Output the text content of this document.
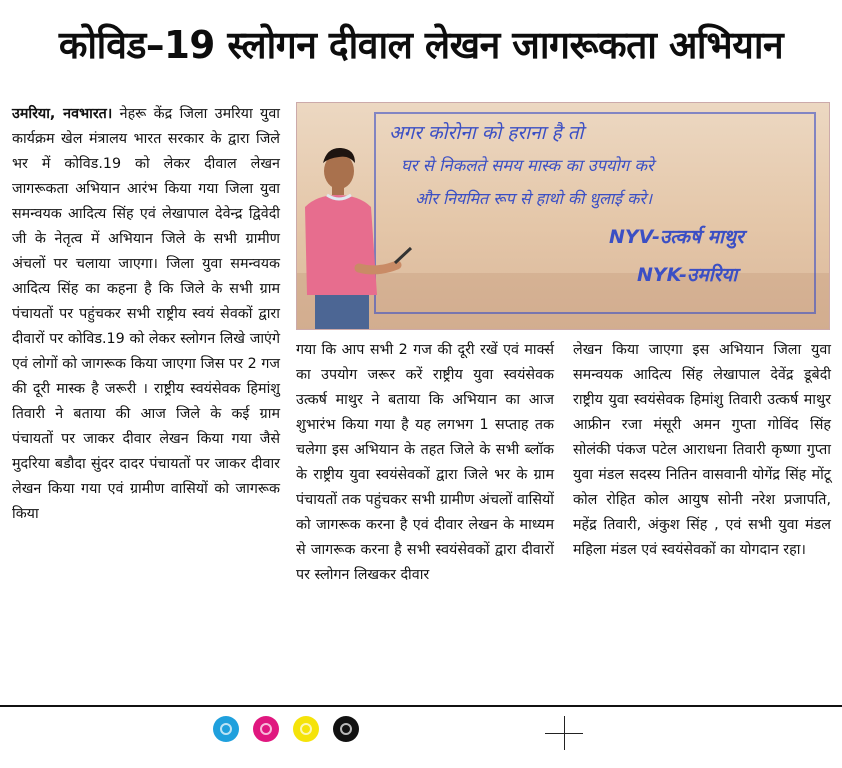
कोविड–19 स्लोगन दीवाल लेखन जागरूकता अभियान

उमरिया, नवभारत। नेहरू केंद्र जिला उमरिया युवा कार्यक्रम खेल मंत्रालय भारत सरकार के द्वारा जिले भर में कोविड.19 को लेकर दीवाल लेखन जागरूकता अभियान आरंभ किया गया जिला युवा समन्वयक आदित्य सिंह एवं लेखापाल देवेन्द्र द्विवेदी जी के नेतृत्व में अभियान जिले के सभी ग्रामीण अंचलों पर चलाया जाएगा। जिला युवा समन्वयक आदित्य सिंह का कहना है कि जिले के सभी ग्राम पंचायतों पर पहुंचकर सभी राष्ट्रीय स्वयं सेवकों द्वारा दीवारों पर कोविड.19 को लेकर स्लोगन लिखे जाएंगे एवं लोगों को जागरूक किया जाएगा जिस पर 2 गज की दूरी मास्क है जरूरी । राष्ट्रीय स्वयंसेवक हिमांशु तिवारी ने बताया की आज जिले के कई ग्राम पंचायतों पर जाकर दीवार लेखन किया गया जैसे मुदरिया बडौदा सुंदर दादर पंचायतों पर जाकर दीवार लेखन किया गया एवं ग्रामीण वासियों को जागरूक किया

अगर कोरोना को हराना है तो
घर से निकलते समय मास्क का उपयोग करे
और नियमित रूप से हाथो की धुलाई करे।
NYV-उत्कर्ष माथुर
NYK-उमरिया

गया कि आप सभी 2 गज की दूरी रखें एवं मार्क्स का उपयोग जरूर करें राष्ट्रीय युवा स्वयंसेवक उत्कर्ष माथुर ने बताया कि अभियान का आज शुभारंभ किया गया है यह लगभग 1 सप्ताह तक चलेगा इस अभियान के तहत जिले के सभी ब्लॉक के राष्ट्रीय युवा स्वयंसेवकों द्वारा जिले भर के ग्राम पंचायतों तक पहुंचकर सभी ग्रामीण अंचलों वासियों को जागरूक करना है एवं दीवार लेखन के माध्यम से जागरूक करना है सभी स्वयंसेवकों द्वारा दीवारों पर स्लोगन लिखकर दीवार

लेखन किया जाएगा इस अभियान जिला युवा समन्वयक आदित्य सिंह लेखापाल देवेंद्र डूबेदी राष्ट्रीय युवा स्वयंसेवक हिमांशु तिवारी उत्कर्ष माथुर आफ्रीन रजा मंसूरी अमन गुप्ता गोविंद सिंह सोलंकी पंकज पटेल आराधना तिवारी कृष्णा गुप्ता युवा मंडल सदस्य नितिन वासवानी योगेंद्र सिंह मोंटू कोल रोहित कोल आयुष सोनी नरेश प्रजापति, महेंद्र तिवारी, अंकुश सिंह , एवं सभी युवा मंडल महिला मंडल एवं स्वयंसेवकों का योगदान रहा।
